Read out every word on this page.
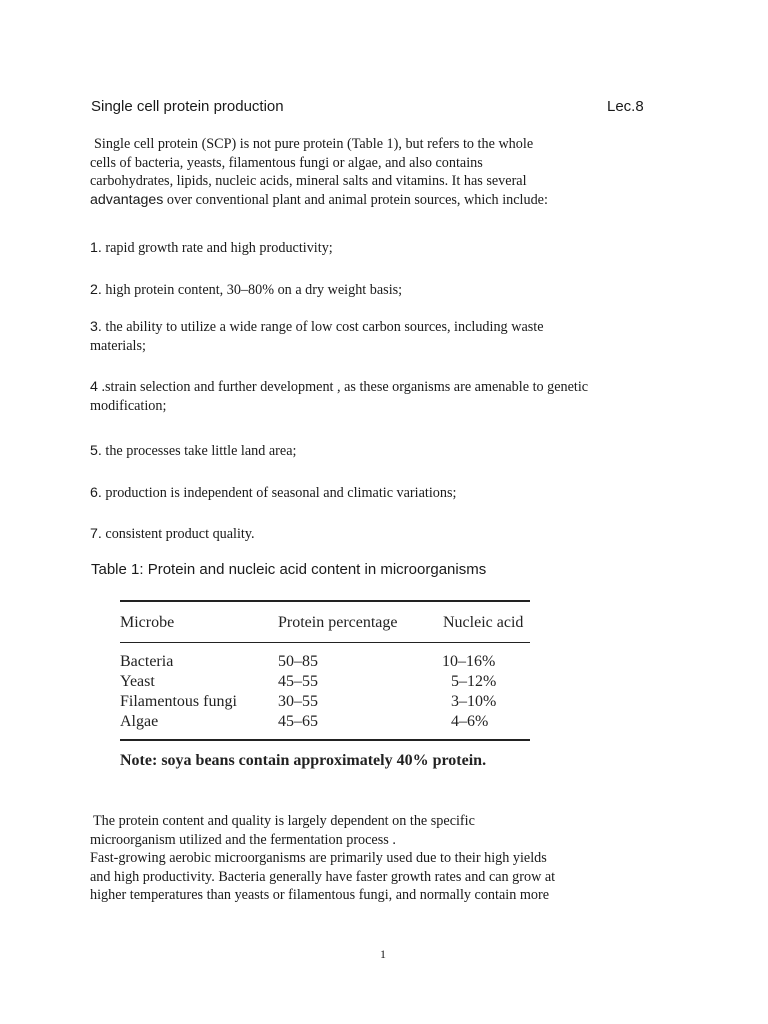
Single cell protein production	Lec.8
Single cell protein (SCP) is not pure protein (Table 1), but refers to the whole
cells of bacteria, yeasts, filamentous fungi or algae, and also contains
carbohydrates, lipids, nucleic acids, mineral salts and vitamins. It has several
advantages over conventional plant and animal protein sources, which include:
1. rapid growth rate and high productivity;
2. high protein content, 30–80% on a dry weight basis;
3. the ability to utilize a wide range of low cost carbon sources, including waste materials;
4 .strain selection and further development , as these organisms are amenable to genetic modification;
5. the processes take little land area;
6. production is independent of seasonal and climatic variations;
7. consistent product quality.
Table 1: Protein and nucleic acid content in microorganisms
Microbe	Protein percentage	Nucleic acid
Bacteria	50–85	10–16%
Yeast	45–55	5–12%
Filamentous fungi	30–55	3–10%
Algae	45–65	4–6%
Note: soya beans contain approximately 40% protein.
The protein content and quality is largely dependent on the specific
microorganism utilized and the fermentation process .
Fast-growing aerobic microorganisms are primarily used due to their high yields
and high productivity. Bacteria generally have faster growth rates and can grow at
higher temperatures than yeasts or filamentous fungi, and normally contain more
1
